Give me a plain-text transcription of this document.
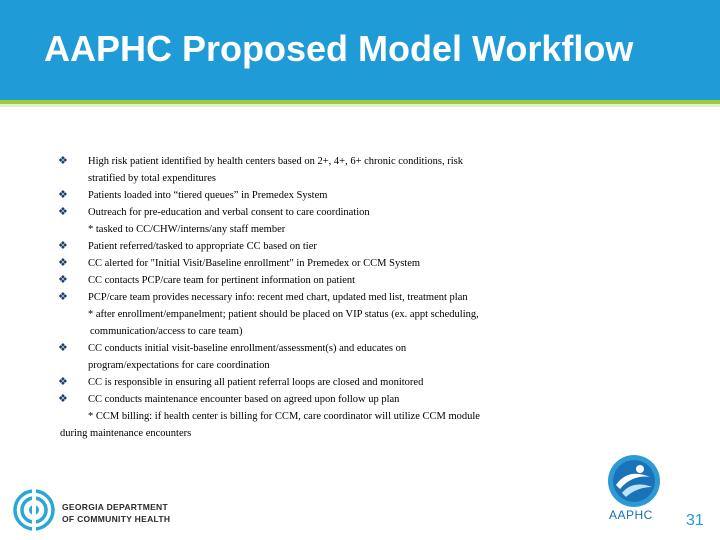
AAPHC Proposed Model Workflow
❖ High risk patient identified by health centers based on 2+, 4+, 6+ chronic conditions, risk
stratified by total expenditures
❖ Patients loaded into “tiered queues” in Premedex System
❖ Outreach for pre-education and verbal consent to care coordination
* tasked to CC/CHW/interns/any staff member
❖ Patient referred/tasked to appropriate CC based on tier
❖ CC alerted for "Initial Visit/Baseline enrollment" in Premedex or CCM System
❖ CC contacts PCP/care team for pertinent information on patient
❖ PCP/care team provides necessary info: recent med chart, updated med list, treatment plan
* after enrollment/empanelment; patient should be placed on VIP status (ex. appt scheduling,
communication/access to care team)
❖ CC conducts initial visit-baseline enrollment/assessment(s) and educates on
program/expectations for care coordination
❖ CC is responsible in ensuring all patient referral loops are closed and monitored
❖ CC conducts maintenance encounter based on agreed upon follow up plan
* CCM billing: if health center is billing for CCM, care coordinator will utilize CCM module
during maintenance encounters
GEORGIA DEPARTMENT
OF COMMUNITY HEALTH	AAPHC 31
